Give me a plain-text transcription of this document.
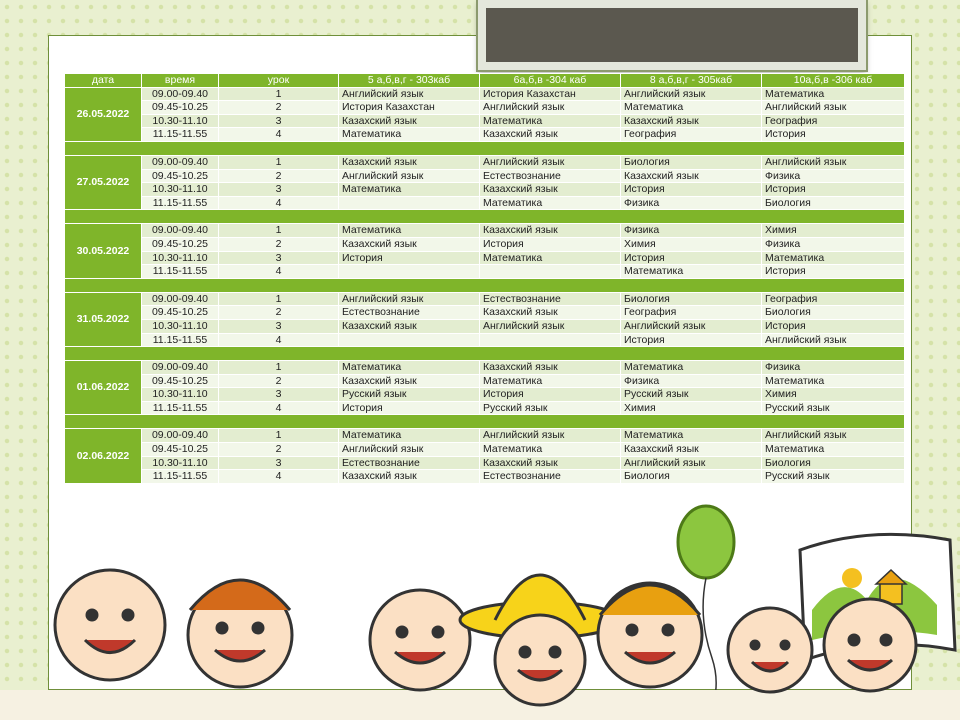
дата	время	урок	5 а,б,в,г - 303каб	6а,б,в -304 каб	8 а,б,в,г - 305каб	10а,б,в -306 каб
26.05.2022	09.00-09.40	1	Английский язык	История Казахстан	Английский язык	Математика
	09.45-10.25	2	История Казахстан	Английский язык	Математика	Английский язык
	10.30-11.10	3	Казахский язык	Математика	Казахский язык	География
	11.15-11.55	4	Математика	Казахский язык	География	История

27.05.2022	09.00-09.40	1	Казахский язык	Английский язык	Биология	Английский язык
	09.45-10.25	2	Английский язык	Естествознание	Казахский язык	Физика
	10.30-11.10	3	Математика	Казахский язык	История	История
	11.15-11.55	4		Математика	Физика	Биология

30.05.2022	09.00-09.40	1	Математика	Казахский язык	Физика	Химия
	09.45-10.25	2	Казахский язык	История	Химия	Физика
	10.30-11.10	3	История	Математика	История	Математика
	11.15-11.55	4			Математика	История

31.05.2022	09.00-09.40	1	Английский язык	Естествознание	Биология	География
	09.45-10.25	2	Естествознание	Казахский язык	География	Биология
	10.30-11.10	3	Казахский язык	Английский язык	Английский язык	История
	11.15-11.55	4			История	Английский язык

01.06.2022	09.00-09.40	1	Математика	Казахский язык	Математика	Физика
	09.45-10.25	2	Казахский язык	Математика	Физика	Математика
	10.30-11.10	3	Русский язык	История	Русский язык	Химия
	11.15-11.55	4	История	Русский язык	Химия	Русский язык

02.06.2022	09.00-09.40	1	Математика	Английский язык	Математика	Английский язык
	09.45-10.25	2	Английский язык	Математика	Казахский язык	Математика
	10.30-11.10	3	Естествознание	Казахский язык	Английский язык	Биология
	11.15-11.55	4	Казахский язык	Естествознание	Биология	Русский язык
